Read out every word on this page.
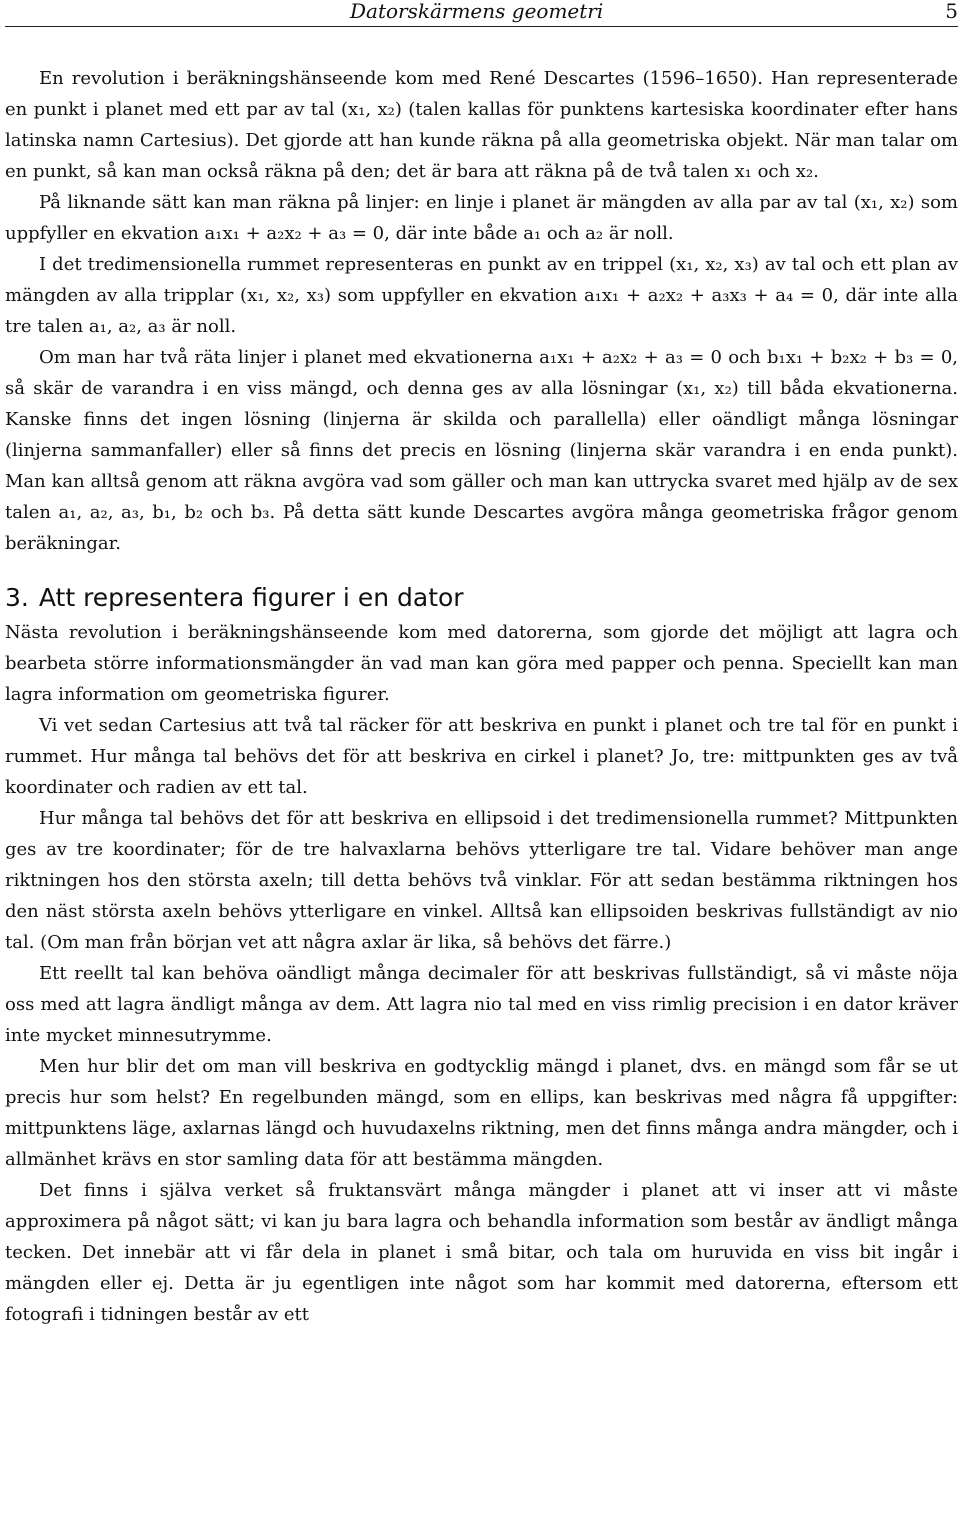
Datorskärmens geometri	5

En revolution i beräkningshänseende kom med René Descartes (1596–1650). Han representerade en punkt i planet med ett par av tal (x₁, x₂) (talen kallas för punktens kartesiska koordinater efter hans latinska namn Cartesius). Det gjorde att han kunde räkna på alla geometriska objekt. När man talar om en punkt, så kan man också räkna på den; det är bara att räkna på de två talen x₁ och x₂.

På liknande sätt kan man räkna på linjer: en linje i planet är mängden av alla par av tal (x₁, x₂) som uppfyller en ekvation a₁x₁ + a₂x₂ + a₃ = 0, där inte både a₁ och a₂ är noll.

I det tredimensionella rummet representeras en punkt av en trippel (x₁, x₂, x₃) av tal och ett plan av mängden av alla tripplar (x₁, x₂, x₃) som uppfyller en ekvation a₁x₁ + a₂x₂ + a₃x₃ + a₄ = 0, där inte alla tre talen a₁, a₂, a₃ är noll.

Om man har två räta linjer i planet med ekvationerna a₁x₁ + a₂x₂ + a₃ = 0 och b₁x₁ + b₂x₂ + b₃ = 0, så skär de varandra i en viss mängd, och denna ges av alla lösningar (x₁, x₂) till båda ekvationerna. Kanske finns det ingen lösning (linjerna är skilda och parallella) eller oändligt många lösningar (linjerna sammanfaller) eller så finns det precis en lösning (linjerna skär varandra i en enda punkt). Man kan alltså genom att räkna avgöra vad som gäller och man kan uttrycka svaret med hjälp av de sex talen a₁, a₂, a₃, b₁, b₂ och b₃. På detta sätt kunde Descartes avgöra många geometriska frågor genom beräkningar.

3. Att representera figurer i en dator

Nästa revolution i beräkningshänseende kom med datorerna, som gjorde det möjligt att lagra och bearbeta större informationsmängder än vad man kan göra med papper och penna. Speciellt kan man lagra information om geometriska figurer.

Vi vet sedan Cartesius att två tal räcker för att beskriva en punkt i planet och tre tal för en punkt i rummet. Hur många tal behövs det för att beskriva en cirkel i planet? Jo, tre: mittpunkten ges av två koordinater och radien av ett tal.

Hur många tal behövs det för att beskriva en ellipsoid i det tredimensionella rummet? Mittpunkten ges av tre koordinater; för de tre halvaxlarna behövs ytterligare tre tal. Vidare behöver man ange riktningen hos den största axeln; till detta behövs två vinklar. För att sedan bestämma riktningen hos den näst största axeln behövs ytterligare en vinkel. Alltså kan ellipsoiden beskrivas fullständigt av nio tal. (Om man från början vet att några axlar är lika, så behövs det färre.)

Ett reellt tal kan behöva oändligt många decimaler för att beskrivas fullständigt, så vi måste nöja oss med att lagra ändligt många av dem. Att lagra nio tal med en viss rimlig precision i en dator kräver inte mycket minnesutrymme.

Men hur blir det om man vill beskriva en godtycklig mängd i planet, dvs. en mängd som får se ut precis hur som helst? En regelbunden mängd, som en ellips, kan beskrivas med några få uppgifter: mittpunktens läge, axlarnas längd och huvudaxelns riktning, men det finns många andra mängder, och i allmänhet krävs en stor samling data för att bestämma mängden.

Det finns i själva verket så fruktansvärt många mängder i planet att vi inser att vi måste approximera på något sätt; vi kan ju bara lagra och behandla information som består av ändligt många tecken. Det innebär att vi får dela in planet i små bitar, och tala om huruvida en viss bit ingår i mängden eller ej. Detta är ju egentligen inte något som har kommit med datorerna, eftersom ett fotografi i tidningen består av ett
